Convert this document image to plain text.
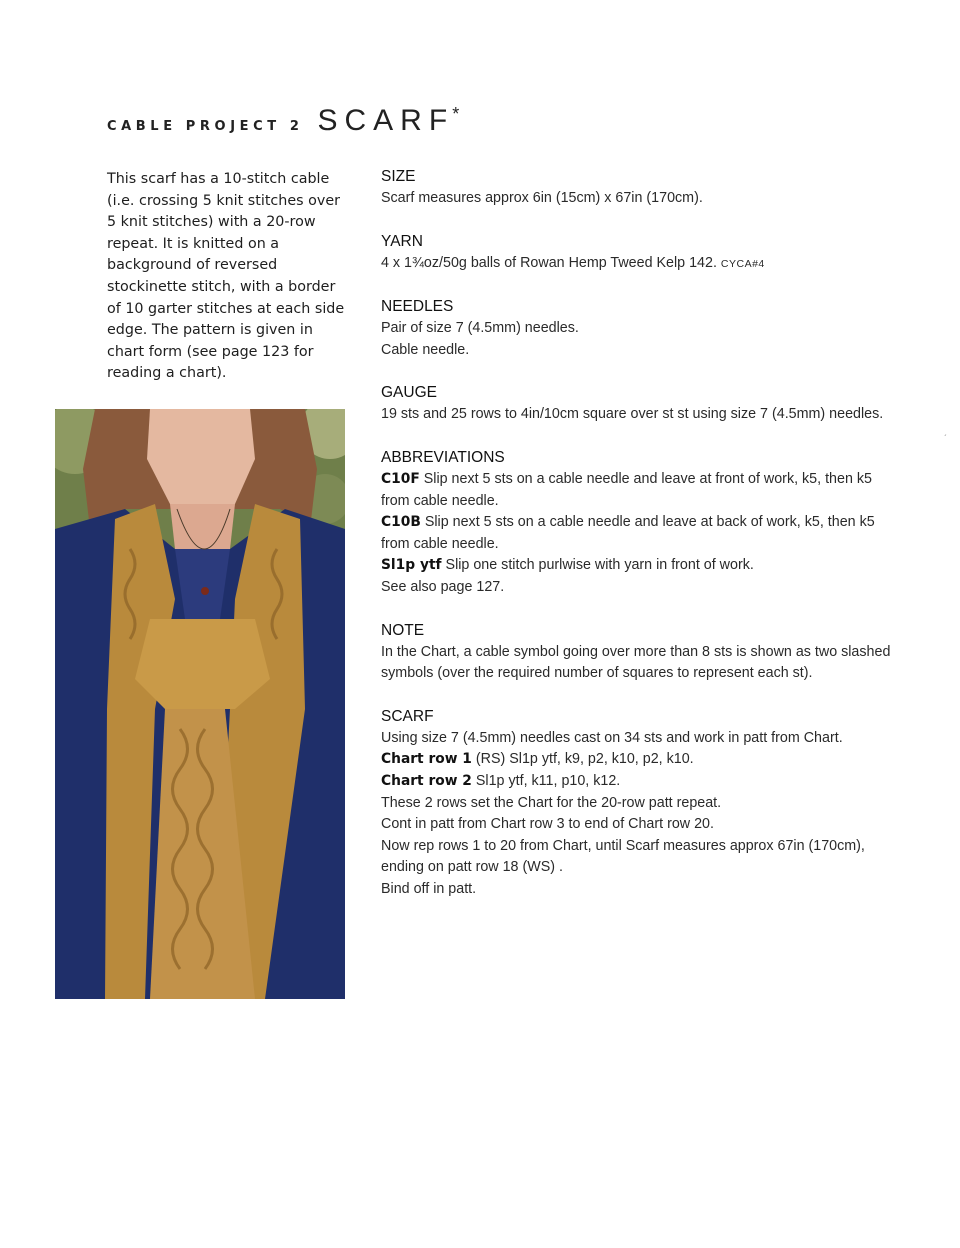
CABLE PROJECT 2 SCARF*

This scarf has a 10-stitch cable (i.e. crossing 5 knit stitches over 5 knit stitches) with a 20-row repeat. It is knitted on a background of reversed stockinette stitch, with a border of 10 garter stitches at each side edge. The pattern is given in chart form (see page 123 for reading a chart).

SIZE

Scarf measures approx 6in (15cm) x 67in (170cm).

YARN

4 x 1¾oz/50g balls of Rowan Hemp Tweed Kelp 142. CYCA#4

NEEDLES

Pair of size 7 (4.5mm) needles.

Cable needle.

GAUGE

19 sts and 25 rows to 4in/10cm square over st st using size 7 (4.5mm) needles.

ABBREVIATIONS

C10F Slip next 5 sts on a cable needle and leave at front of work, k5, then k5 from cable needle.

C10B Slip next 5 sts on a cable needle and leave at back of work, k5, then k5 from cable needle.

Sl1p ytf Slip one stitch purlwise with yarn in front of work.

See also page 127.

NOTE

In the Chart, a cable symbol going over more than 8 sts is shown as two slashed symbols (over the required number of squares to represent each st).

SCARF

Using size 7 (4.5mm) needles cast on 34 sts and work in patt from Chart.

Chart row 1 (RS) Sl1p ytf, k9, p2, k10, p2, k10.

Chart row 2 Sl1p ytf, k11, p10, k12.

These 2 rows set the Chart for the 20-row patt repeat.

Cont in patt from Chart row 3 to end of Chart row 20.

Now rep rows 1 to 20 from Chart, until Scarf measures approx 67in (170cm), ending on patt row 18 (WS) .

Bind off in patt.

ˊ
